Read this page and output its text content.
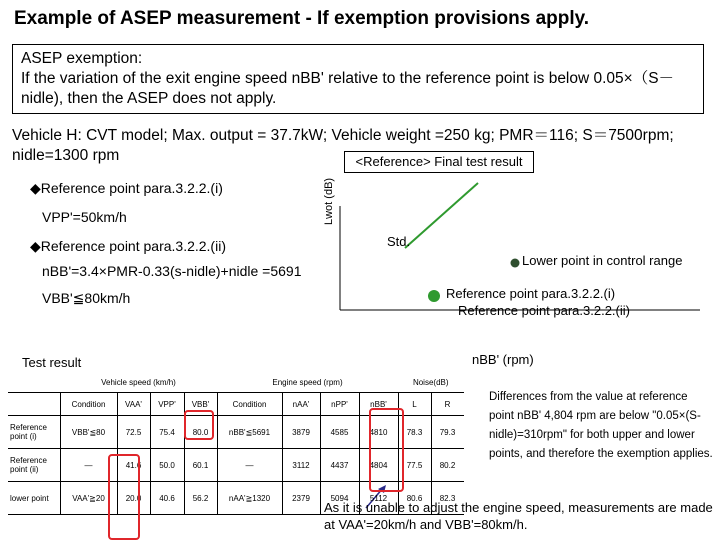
Example of ASEP measurement - If exemption provisions apply.
ASEP exemption:
If the variation of the exit engine speed nBB' relative to the reference point is below 0.05×（S－
nidle), then the ASEP does not apply.
Vehicle H: CVT model; Max. output = 37.7kW; Vehicle weight =250 kg; PMR＝116; S＝7500rpm;
nidle=1300 rpm	<Reference> Final test result
◆Reference point para.3.2.2.(i)
VPP'=50km/h
◆Reference point para.3.2.2.(ii)
nBB'=3.4×PMR-0.33(s-nidle)+nidle =5691
VBB'≦80km/h
Lwot (dB)
Std.
Lower point in control range
Reference point para.3.2.2.(i)
Reference point para.3.2.2.(ii)
nBB' (rpm)
Test result
	Vehicle speed (km/h)				Engine speed (rpm)				Noise(dB)	
	Condition	VAA'	VPP'	VBB'	Condition	nAA'	nPP'	nBB'	L	R
Reference point (i)	VBB'≦80	72.5	75.4	80.0	nBB'≦5691	3879	4585	4810	78.3	79.3
Reference point (ii)	—	41.6	50.0	60.1	—	3112	4437	4804	77.5	80.2
lower point	VAA'≧20	20.0	40.6	56.2	nAA'≧1320	2379	5094	5112	80.6	82.3
Differences from the value at reference point nBB' 4,804 rpm are below "0.05×(S-nidle)=310rpm" for both upper and lower points, and therefore the exemption applies.
As it is unable to adjust the engine speed, measurements are made at VAA'=20km/h and VBB'=80km/h.
